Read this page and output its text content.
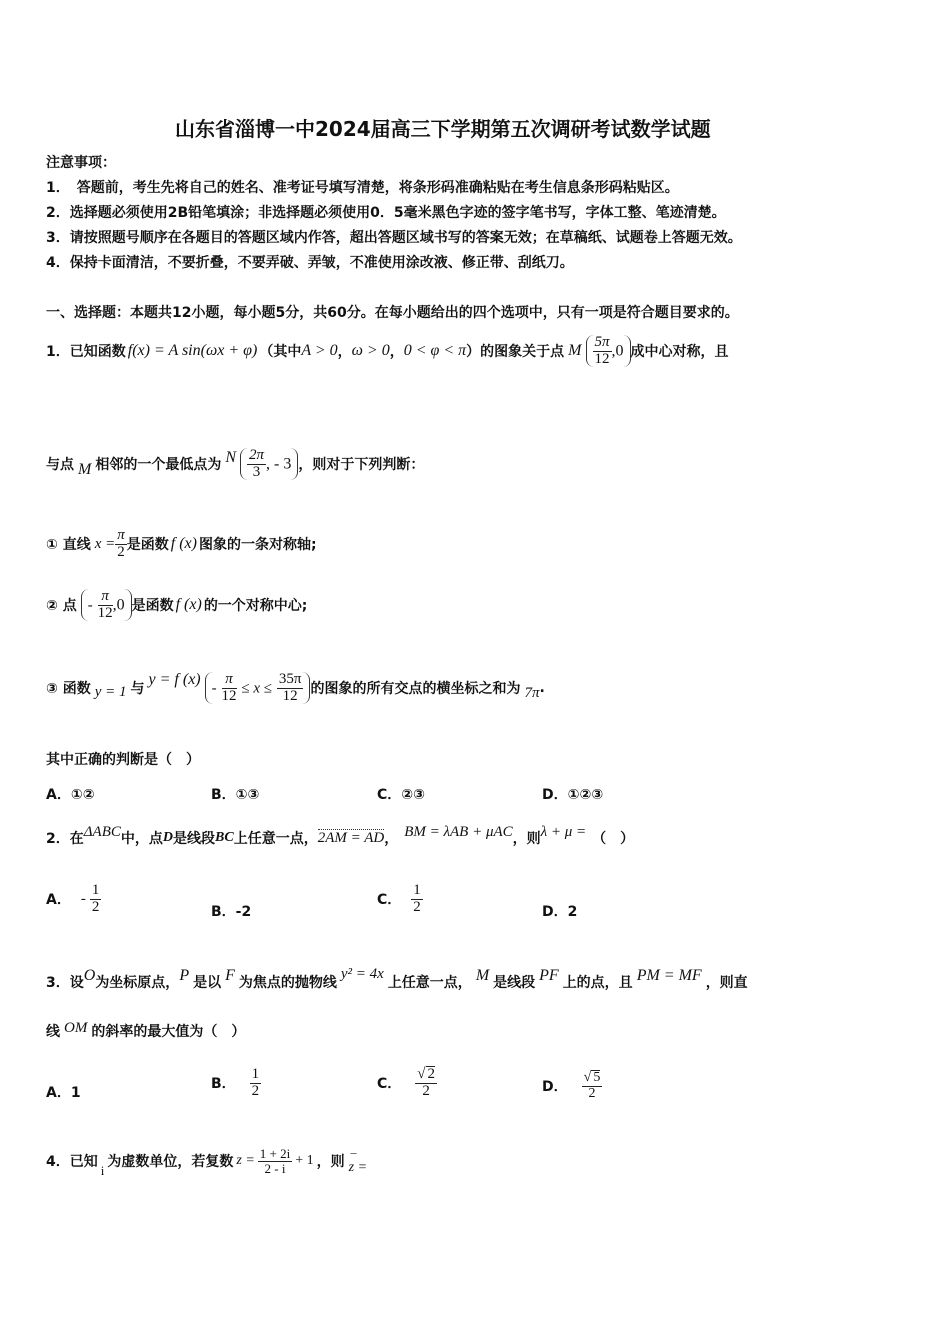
山东省淄博一中2024届高三下学期第五次调研考试数学试题
注意事项：
1．　答题前，考生先将自己的姓名、准考证号填写清楚，将条形码准确粘贴在考生信息条形码粘贴区。
2．选择题必须使用2B铅笔填涂；非选择题必须使用0．5毫米黑色字迹的签字笔书写，字体工整、笔迹清楚。
3．请按照题号顺序在各题目的答题区域内作答，超出答题区域书写的答案无效；在草稿纸、试题卷上答题无效。
4．保持卡面清洁，不要折叠，不要弄破、弄皱，不准使用涂改液、修正带、刮纸刀。
一、选择题：本题共12小题，每小题5分，共60分。在每小题给出的四个选项中，只有一项是符合题目要求的。
1．已知函数 f(x) = A sin(ωx + φ) （其中 A > 0 ， ω > 0 ， 0 < φ < π ）的图象关于点 M $\frac{5\pi}{12} ,0$ 成中心对称，且
与点 M 相邻的一个最低点为 N $\frac{2\pi}{3}$ , - 3 ，则对于下列判断：
① 直线 $x = \frac{\pi}{2}$ 是函数 f (x) 图象的一条对称轴;
② 点 - $\frac{\pi}{12} ,0$ 是函数 f (x) 的一个对称中心;
③ 函数 y = 1 与
y = f $(x) - \frac{\pi}{12} \le x \le \frac{35\pi}{12}$ 的图象的所有交点的横坐标之和为 7π .
其中正确的判断是（　）
A．①②	B．①③	C．②③	D．①②③
2．在 ΔABC 中，点 D 是线段 BC 上任意一点， 2AM = AD ， BM = λAB + μAC ，则 λ + μ = （　）
A． - $\frac{1}{2}$	B．-2
C． $\frac{1}{2}$	D．2
3．设 O 为坐标原点， P 是以 F 为焦点的抛物线
y² = 4x
上任意一点， M 是线段 PF 上的点，且 PM = MF ，则直
线 OM 的斜率的最大值为（　）
A．1
B． $\frac{1}{2}$	C． $\frac{√ 2}{2}$	D． $\frac{√ 5}{2}$
4．已知
i
为虚数单位，若复数 $z = \frac{1 + 2i}{2 - i} + 1$ ，则
–
z =
